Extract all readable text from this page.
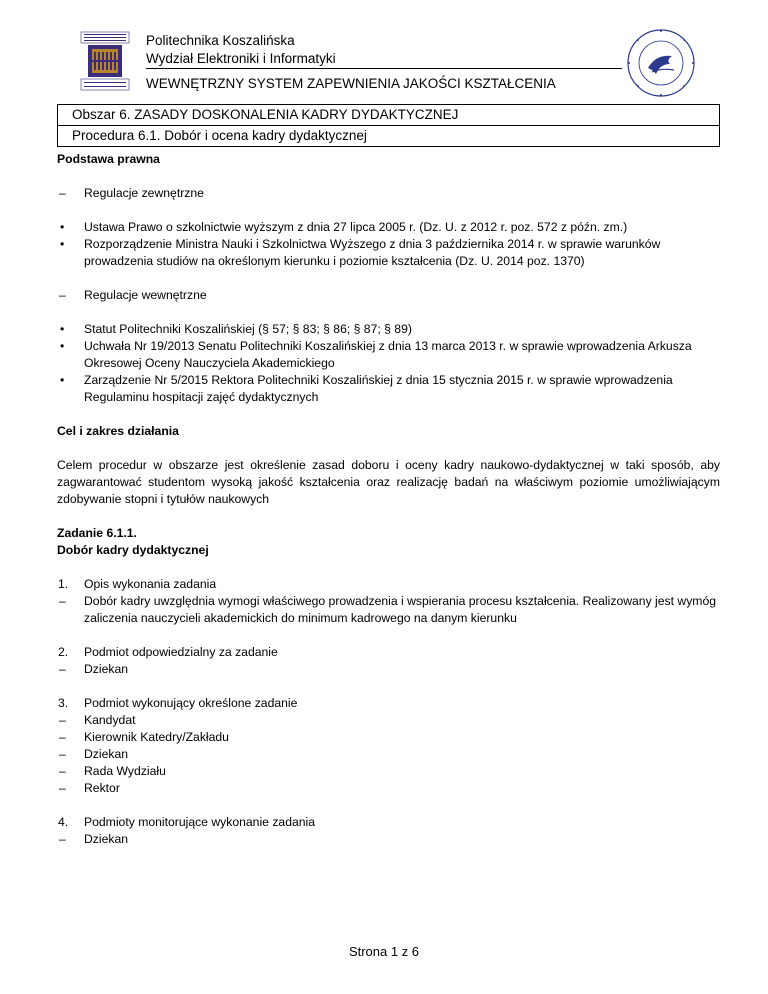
Politechnika Koszalińska
Wydział Elektroniki i Informatyki
WEWNĘTRZNY SYSTEM ZAPEWNIENIA JAKOŚCI KSZTAŁCENIA
Obszar 6. ZASADY DOSKONALENIA KADRY DYDAKTYCZNEJ
Procedura 6.1. Dobór i ocena kadry dydaktycznej

Podstawa prawna

– Regulacje zewnętrzne

• Ustawa Prawo o szkolnictwie wyższym z dnia 27 lipca 2005 r. (Dz. U. z 2012 r. poz. 572 z późn. zm.)

• Rozporządzenie Ministra Nauki i Szkolnictwa Wyższego z dnia 3 października 2014 r. w sprawie warunków prowadzenia studiów na określonym kierunku i poziomie kształcenia (Dz. U. 2014 poz. 1370)

– Regulacje wewnętrzne

• Statut Politechniki Koszalińskiej (§ 57; § 83; § 86; § 87; § 89)

• Uchwała Nr 19/2013 Senatu Politechniki Koszalińskiej z dnia 13 marca 2013 r. w sprawie wprowadzenia Arkusza Okresowej Oceny Nauczyciela Akademickiego

• Zarządzenie Nr 5/2015 Rektora Politechniki Koszalińskiej z dnia 15 stycznia 2015 r. w sprawie wprowadzenia Regulaminu hospitacji zajęć dydaktycznych

Cel i zakres działania

Celem procedur w obszarze jest określenie zasad doboru i oceny kadry naukowo-dydaktycznej w taki sposób, aby zagwarantować studentom wysoką jakość kształcenia oraz realizację badań na właściwym poziomie umożliwiającym zdobywanie stopni i tytułów naukowych

Zadanie 6.1.1.

Dobór kadry dydaktycznej

1. Opis wykonania zadania

– Dobór kadry uwzględnia wymogi właściwego prowadzenia i wspierania procesu kształcenia. Realizowany jest wymóg zaliczenia nauczycieli akademickich do minimum kadrowego na danym kierunku

2. Podmiot odpowiedzialny za zadanie

– Dziekan

3. Podmiot wykonujący określone zadanie

– Kandydat

– Kierownik Katedry/Zakładu

– Dziekan

– Rada Wydziału

– Rektor

4. Podmioty monitorujące wykonanie zadania

– Dziekan

Strona 1 z 6
